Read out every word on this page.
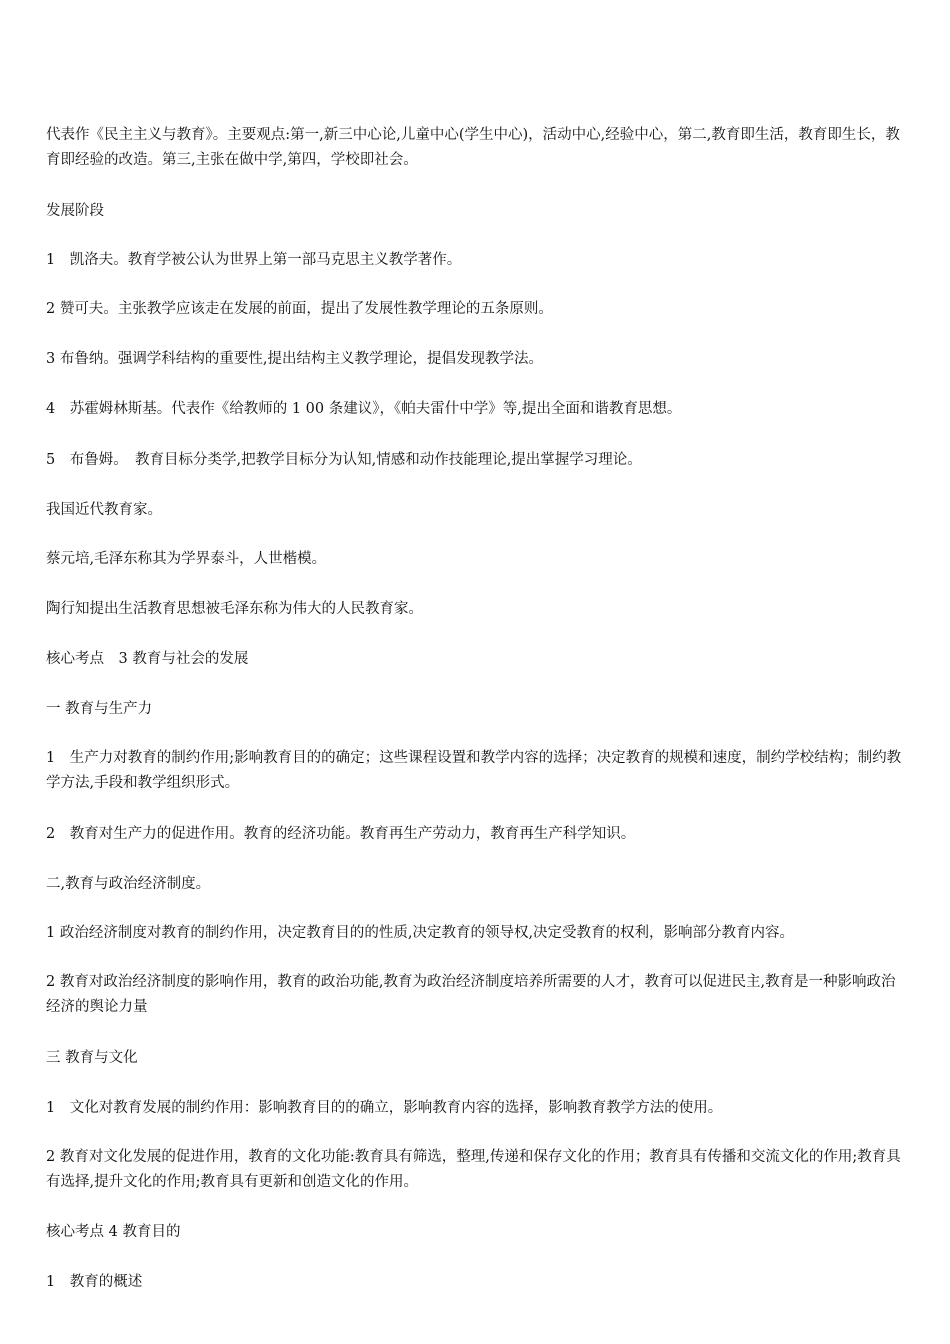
代表作《民主主义与教育》。主要观点:第一,新三中心论,儿童中心(学生中心)，活动中心,经验中心，第二,教育即生活，教育即生长，教育即经验的改造。第三,主张在做中学,第四，学校即社会。

发展阶段

1　凯洛夫。教育学被公认为世界上第一部马克思主义教学著作。

2 赞可夫。主张教学应该走在发展的前面，提出了发展性教学理论的五条原则。

3 布鲁纳。强调学科结构的重要性,提出结构主义教学理论，提倡发现教学法。

4　苏霍姆林斯基。代表作《给教师的 1 00 条建议》，《帕夫雷什中学》等,提出全面和谐教育思想。

5　布鲁姆。　教育目标分类学,把教学目标分为认知,情感和动作技能理论,提出掌握学习理论。

我国近代教育家。

蔡元培,毛泽东称其为学界泰斗，人世楷模。

陶行知提出生活教育思想被毛泽东称为伟大的人民教育家。

核心考点　3 教育与社会的发展

一 教育与生产力

1　生产力对教育的制约作用;影响教育目的的确定；这些课程设置和教学内容的选择；决定教育的规模和速度，制约学校结构；制约教学方法,手段和教学组织形式。

2　教育对生产力的促进作用。教育的经济功能。教育再生产劳动力，教育再生产科学知识。

二,教育与政治经济制度。

1 政治经济制度对教育的制约作用，决定教育目的的性质,决定教育的领导权,决定受教育的权利，影响部分教育内容。

2 教育对政治经济制度的影响作用，教育的政治功能,教育为政治经济制度培养所需要的人才，教育可以促进民主,教育是一种影响政治经济的舆论力量

三 教育与文化

1　文化对教育发展的制约作用：影响教育目的的确立，影响教育内容的选择，影响教育教学方法的使用。

2 教育对文化发展的促进作用，教育的文化功能:教育具有筛选，整理,传递和保存文化的作用；教育具有传播和交流文化的作用;教育具有选择,提升文化的作用;教育具有更新和创造文化的作用。

核心考点 4 教育目的

1　教育的概述
